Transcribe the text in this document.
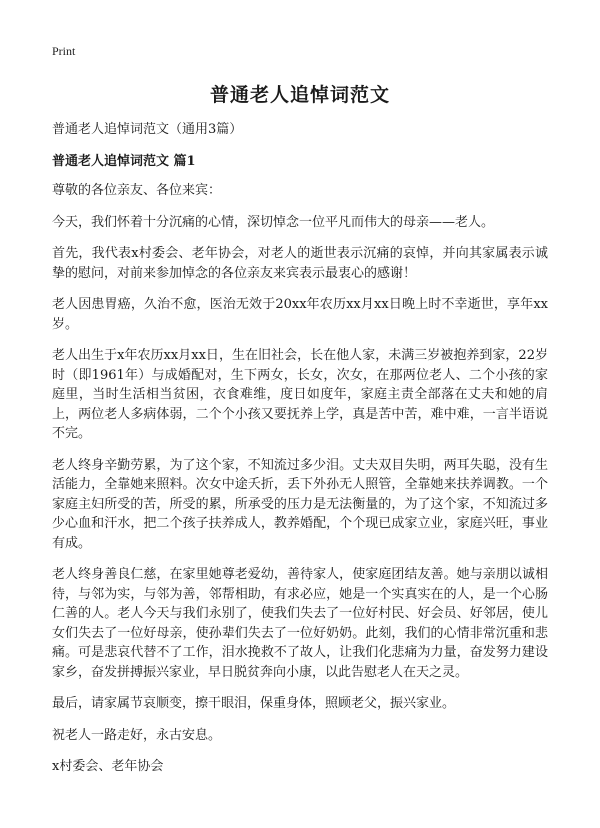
Print
普通老人追悼词范文
普通老人追悼词范文（通用3篇）
普通老人追悼词范文 篇1

尊敬的各位亲友、各位来宾：

今天，我们怀着十分沉痛的心情，深切悼念一位平凡而伟大的母亲——老人。

首先，我代表x村委会、老年协会，对老人的逝世表示沉痛的哀悼，并向其家属表示诚挚的慰问，对前来参加悼念的各位亲友来宾表示最衷心的感谢！

老人因患胃癌，久治不愈，医治无效于20xx年农历xx月xx日晚上时不幸逝世，享年xx岁。

老人出生于x年农历xx月xx日，生在旧社会，长在他人家，未满三岁被抱养到家，22岁时（即1961年）与成婚配对，生下两女，长女，次女，在那两位老人、二个小孩的家庭里，当时生活相当贫困，衣食难维，度日如度年，家庭主责全部落在丈夫和她的肩上，两位老人多病体弱，二个个小孩又要抚养上学，真是苦中苦，难中难，一言半语说不完。

老人终身辛勤劳累，为了这个家，不知流过多少泪。丈夫双目失明，两耳失聪，没有生活能力，全靠她来照料。次女中途夭折，丢下外孙无人照管，全靠她来扶养调教。一个家庭主妇所受的苦，所受的累，所承受的压力是无法衡量的，为了这个家，不知流过多少心血和汗水，把二个孩子扶养成人，教养婚配，个个现已成家立业，家庭兴旺，事业有成。

老人终身善良仁慈，在家里她尊老爱幼，善待家人，使家庭团结友善。她与亲朋以诚相待，与邻为实，与邻为善，邻帮相助，有求必应，她是一个实真实在的人，是一个心肠仁善的人。老人今天与我们永别了，使我们失去了一位好村民、好会员、好邻居，使儿女们失去了一位好母亲，使孙辈们失去了一位好奶奶。此刻，我们的心情非常沉重和悲痛。可是悲哀代替不了工作，泪水挽救不了故人，让我们化悲痛为力量，奋发努力建设家乡，奋发拼搏振兴家业，早日脱贫奔向小康，以此告慰老人在天之灵。

最后，请家属节哀顺变，擦干眼泪，保重身体，照顾老父，振兴家业。

祝老人一路走好，永古安息。

x村委会、老年协会
